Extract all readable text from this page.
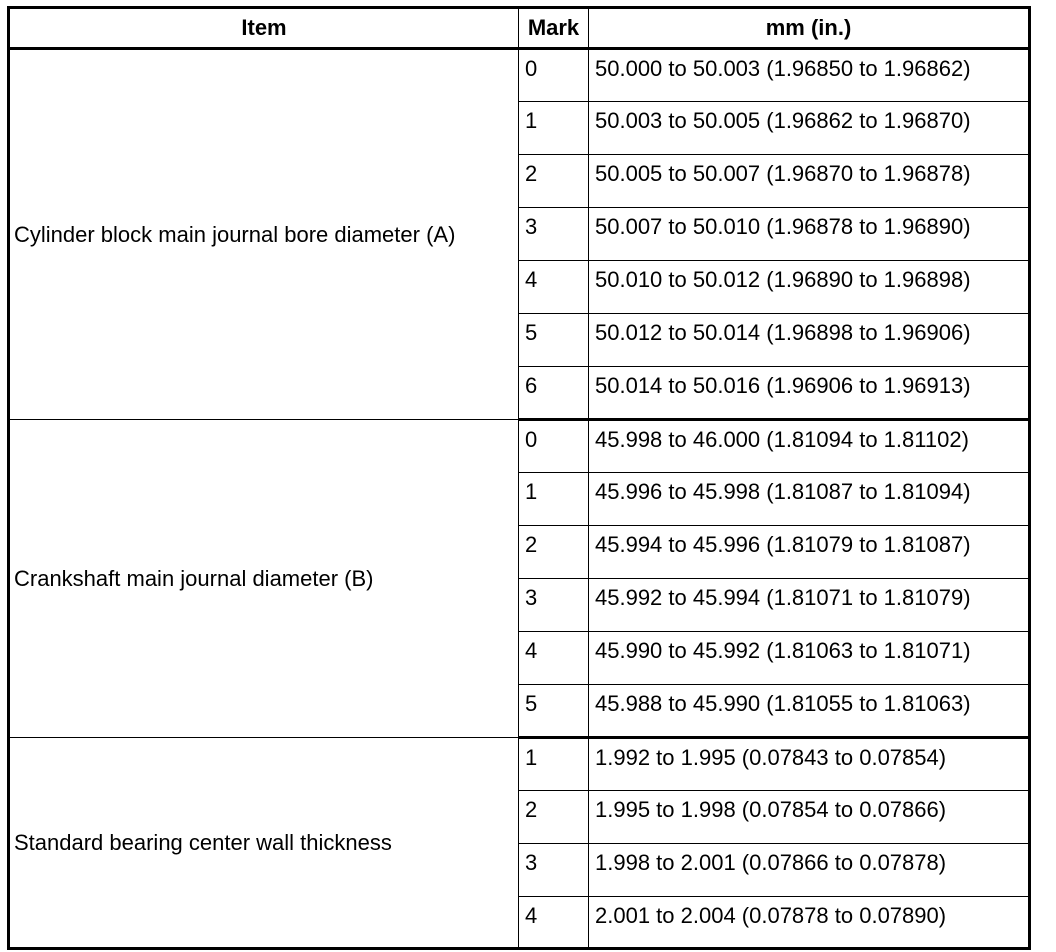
Item	Mark	mm (in.)
Cylinder block main journal bore diameter (A)	0	50.000 to 50.003 (1.96850 to 1.96862)
	1	50.003 to 50.005 (1.96862 to 1.96870)
	2	50.005 to 50.007 (1.96870 to 1.96878)
	3	50.007 to 50.010 (1.96878 to 1.96890)
	4	50.010 to 50.012 (1.96890 to 1.96898)
	5	50.012 to 50.014 (1.96898 to 1.96906)
	6	50.014 to 50.016 (1.96906 to 1.96913)
Crankshaft main journal diameter (B)	0	45.998 to 46.000 (1.81094 to 1.81102)
	1	45.996 to 45.998 (1.81087 to 1.81094)
	2	45.994 to 45.996 (1.81079 to 1.81087)
	3	45.992 to 45.994 (1.81071 to 1.81079)
	4	45.990 to 45.992 (1.81063 to 1.81071)
	5	45.988 to 45.990 (1.81055 to 1.81063)
Standard bearing center wall thickness	1	1.992 to 1.995 (0.07843 to 0.07854)
	2	1.995 to 1.998 (0.07854 to 0.07866)
	3	1.998 to 2.001 (0.07866 to 0.07878)
	4	2.001 to 2.004 (0.07878 to 0.07890)
